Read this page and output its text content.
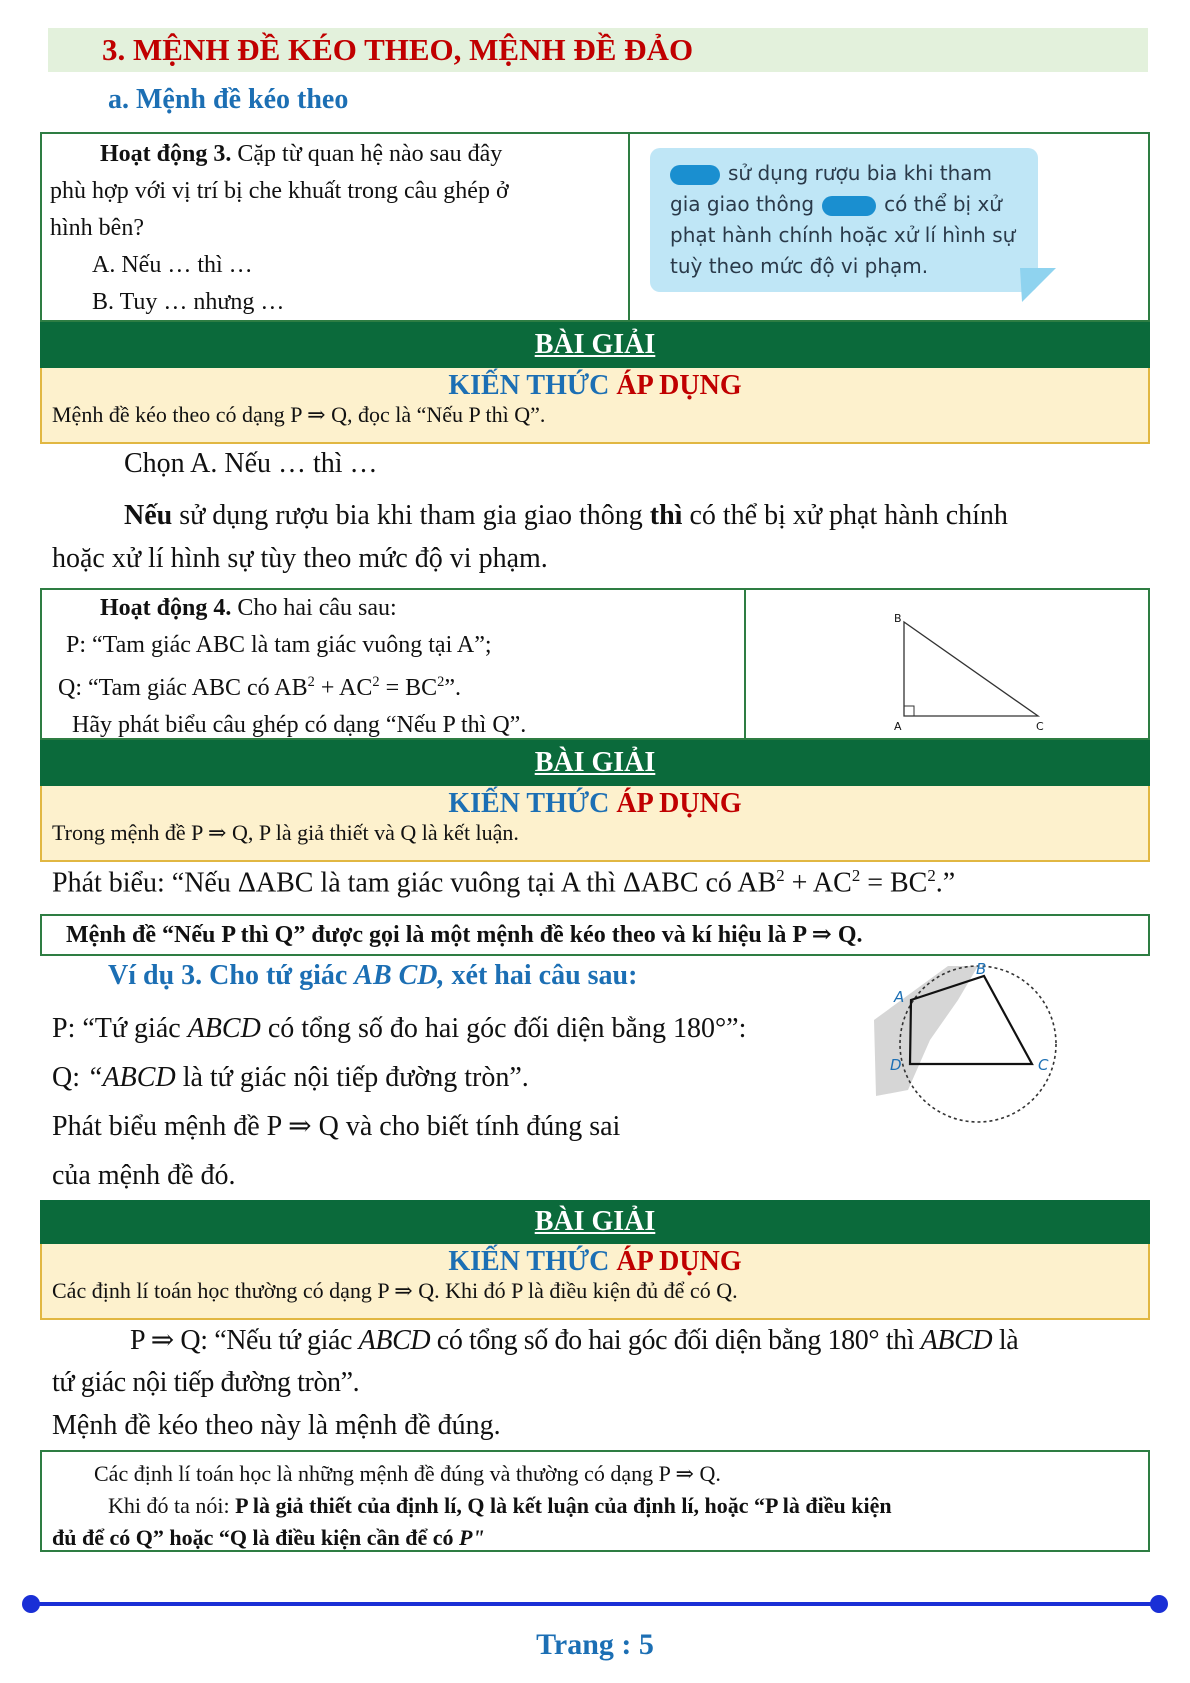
3. MỆNH ĐỀ KÉO THEO, MỆNH ĐỀ ĐẢO
a. Mệnh đề kéo theo
Hoạt động 3. Cặp từ quan hệ nào sau đây
phù hợp với vị trí bị che khuất trong câu ghép ở
hình bên?
A. Nếu … thì …
B. Tuy … nhưng …
sử dụng rượu bia khi tham
gia giao thông	có thể bị xử
phạt hành chính hoặc xử lí hình sự
tuỳ theo mức độ vi phạm.
BÀI GIẢI
KIẾN THỨC ÁP DỤNG
Mệnh đề kéo theo có dạng P ⇒ Q, đọc là “Nếu P thì Q”.
Chọn A. Nếu … thì …
Nếu sử dụng rượu bia khi tham gia giao thông thì có thể bị xử phạt hành chính
hoặc xử lí hình sự tùy theo mức độ vi phạm.
Hoạt động 4. Cho hai câu sau:
P: “Tam giác ABC là tam giác vuông tại A”;
Q: “Tam giác ABC có $AB^2 + AC^2 = BC^2$”.
Hãy phát biểu câu ghép có dạng “Nếu P thì Q”.
B
A	C
BÀI GIẢI
KIẾN THỨC ÁP DỤNG
Trong mệnh đề P ⇒ Q, P là giả thiết và Q là kết luận.
Phát biểu: “Nếu ΔABC là tam giác vuông tại A thì ΔABC có $AB^2 + AC^2 = BC^2$.”
Mệnh đề “Nếu P thì Q” được gọi là một mệnh đề kéo theo và kí hiệu là P ⇒ Q.
Ví dụ 3. Cho tứ giác AB CD, xét hai câu sau:
P: “Tứ giác ABCD có tổng số đo hai góc đối diện bằng 180°”:
Q: “ABCD là tứ giác nội tiếp đường tròn”.
Phát biểu mệnh đề P ⇒ Q và cho biết tính đúng sai
của mệnh đề đó.
A
B
C
D
BÀI GIẢI
KIẾN THỨC ÁP DỤNG
Các định lí toán học thường có dạng P ⇒ Q. Khi đó P là điều kiện đủ để có Q.
P ⇒ Q: “Nếu tứ giác ABCD có tổng số đo hai góc đối diện bằng 180° thì ABCD là
tứ giác nội tiếp đường tròn”.
Mệnh đề kéo theo này là mệnh đề đúng.
Các định lí toán học là những mệnh đề đúng và thường có dạng P ⇒ Q.
Khi đó ta nói: P là giả thiết của định lí, Q là kết luận của định lí, hoặc “P là điều kiện
đủ để có Q” hoặc “Q là điều kiện cần để có P"
Trang : 5
